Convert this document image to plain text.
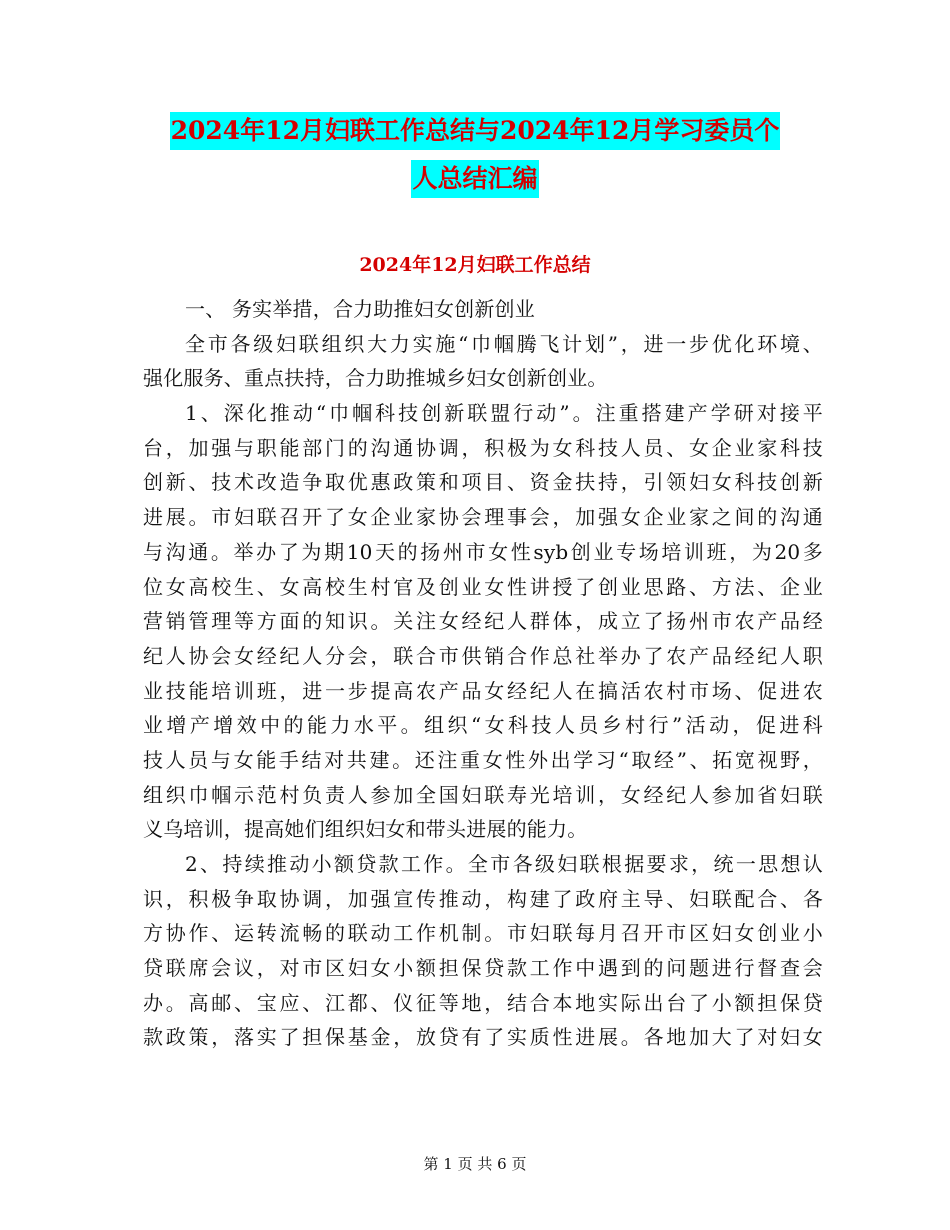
2024年12月妇联工作总结与2024年12月学习委员个
人总结汇编
2024年12月妇联工作总结
一、 务实举措，合力助推妇女创新创业
全市各级妇联组织大力实施“巾帼腾飞计划”，进一步优化环境、
强化服务、重点扶持，合力助推城乡妇女创新创业。
1、深化推动“巾帼科技创新联盟行动”。注重搭建产学研对接平
台，加强与职能部门的沟通协调，积极为女科技人员、女企业家科技
创新、技术改造争取优惠政策和项目、资金扶持，引领妇女科技创新
进展。市妇联召开了女企业家协会理事会，加强女企业家之间的沟通
与沟通。举办了为期10天的扬州市女性syb创业专场培训班，为20多
位女高校生、女高校生村官及创业女性讲授了创业思路、方法、企业
营销管理等方面的知识。关注女经纪人群体，成立了扬州市农产品经
纪人协会女经纪人分会，联合市供销合作总社举办了农产品经纪人职
业技能培训班，进一步提高农产品女经纪人在搞活农村市场、促进农
业增产增效中的能力水平。组织“女科技人员乡村行”活动，促进科
技人员与女能手结对共建。还注重女性外出学习“取经”、拓宽视野，
组织巾帼示范村负责人参加全国妇联寿光培训，女经纪人参加省妇联
义乌培训，提高她们组织妇女和带头进展的能力。
2、持续推动小额贷款工作。全市各级妇联根据要求，统一思想认
识，积极争取协调，加强宣传推动，构建了政府主导、妇联配合、各
方协作、运转流畅的联动工作机制。市妇联每月召开市区妇女创业小
贷联席会议，对市区妇女小额担保贷款工作中遇到的问题进行督查会
办。高邮、宝应、江都、仪征等地，结合本地实际出台了小额担保贷
款政策，落实了担保基金，放贷有了实质性进展。各地加大了对妇女
第 1 页 共 6 页
